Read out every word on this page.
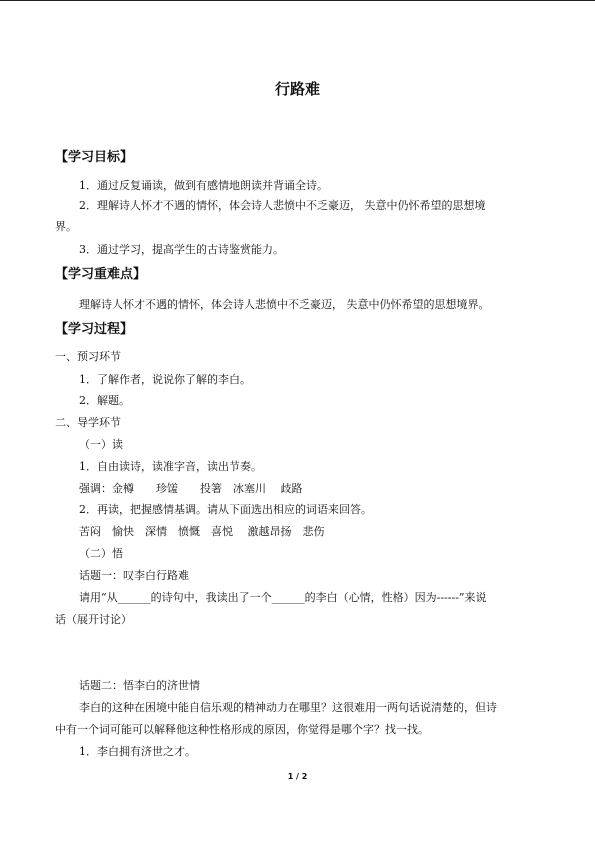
行路难
【学习目标】
1．通过反复诵读，做到有感情地朗读并背诵全诗。
2．理解诗人怀才不遇的情怀，体会诗人悲愤中不乏豪迈， 失意中仍怀希望的思想境
界。
3．通过学习，提高学生的古诗鉴赏能力。
【学习重难点】
理解诗人怀才不遇的情怀，体会诗人悲愤中不乏豪迈， 失意中仍怀希望的思想境界。
【学习过程】
一、预习环节
1．了解作者，说说你了解的李白。
2．解题。
二、导学环节
（一）读
1．自由读诗，读准字音，读出节奏。
强调：金樽　　珍馐　　投箸　冰塞川　 歧路
2．再读，把握感情基调。请从下面选出相应的词语来回答。
苦闷　愉快　深情　愤慨　喜悦　 激越昂扬　悲伤
（二）悟
话题一：叹李白行路难
请用“从______的诗句中，我读出了一个______的李白（心情，性格）因为------”来说
话（展开讨论）
话题二：悟李白的济世情
李白的这种在困境中能自信乐观的精神动力在哪里？这很难用一两句话说清楚的，但诗
中有一个词可能可以解释他这种性格形成的原因，你觉得是哪个字？找一找。
1．李白拥有济世之才。
1 / 2
